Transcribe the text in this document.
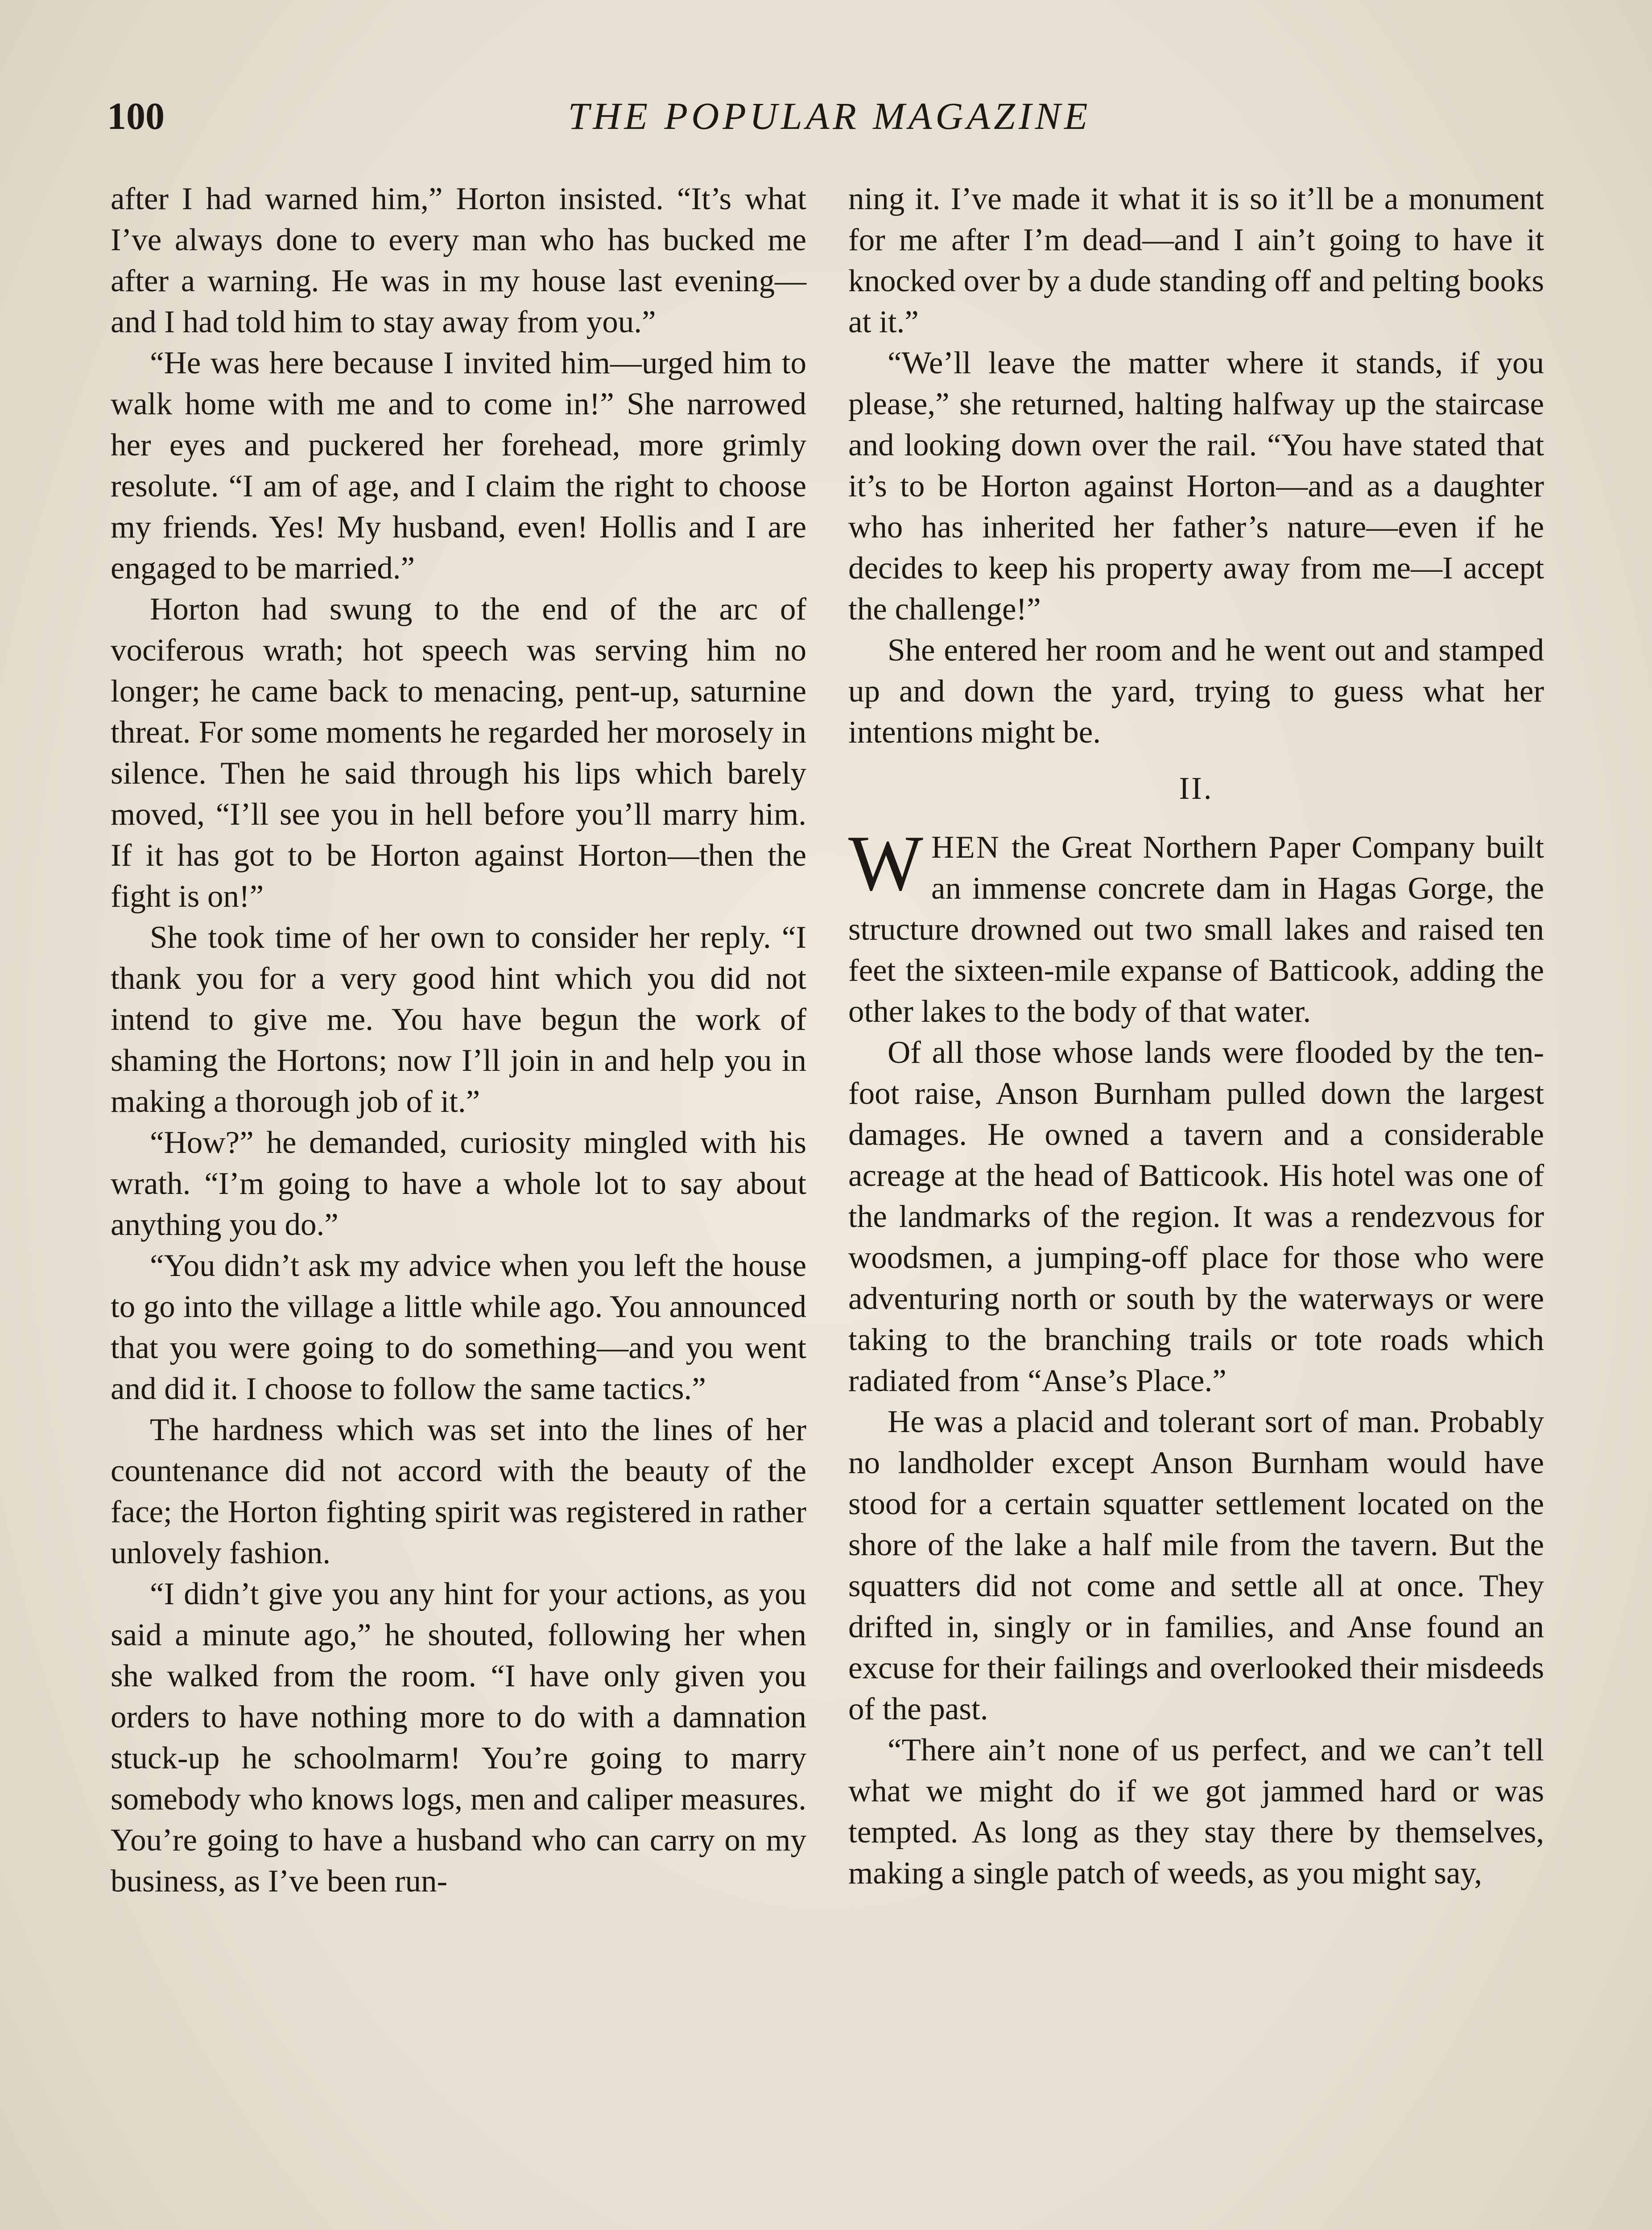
100	THE POPULAR MAGAZINE

after I had warned him,” Horton insisted. “It’s what I’ve always done to every man who has bucked me after a warning. He was in my house last evening—and I had told him to stay away from you.”

“He was here because I invited him—urged him to walk home with me and to come in!” She narrowed her eyes and puckered her forehead, more grimly resolute. “I am of age, and I claim the right to choose my friends. Yes! My husband, even! Hollis and I are engaged to be married.”

Horton had swung to the end of the arc of vociferous wrath; hot speech was serving him no longer; he came back to menacing, pent-up, saturnine threat. For some moments he regarded her morosely in silence. Then he said through his lips which barely moved, “I’ll see you in hell before you’ll marry him. If it has got to be Horton against Horton—then the fight is on!”

She took time of her own to consider her reply. “I thank you for a very good hint which you did not intend to give me. You have begun the work of shaming the Hortons; now I’ll join in and help you in making a thorough job of it.”

“How?” he demanded, curiosity mingled with his wrath. “I’m going to have a whole lot to say about anything you do.”

“You didn’t ask my advice when you left the house to go into the village a little while ago. You announced that you were going to do something—and you went and did it. I choose to follow the same tactics.”

The hardness which was set into the lines of her countenance did not accord with the beauty of the face; the Horton fighting spirit was registered in rather unlovely fashion.

“I didn’t give you any hint for your actions, as you said a minute ago,” he shouted, following her when she walked from the room. “I have only given you orders to have nothing more to do with a damnation stuck-up he schoolmarm! You’re going to marry somebody who knows logs, men and caliper measures. You’re going to have a husband who can carry on my business, as I’ve been run-

ning it. I’ve made it what it is so it’ll be a monument for me after I’m dead—and I ain’t going to have it knocked over by a dude standing off and pelting books at it.”

“We’ll leave the matter where it stands, if you please,” she returned, halting halfway up the staircase and looking down over the rail. “You have stated that it’s to be Horton against Horton—and as a daughter who has inherited her father’s nature—even if he decides to keep his property away from me—I accept the challenge!”

She entered her room and he went out and stamped up and down the yard, trying to guess what her intentions might be.

II.

WHEN the Great Northern Paper Company built an immense concrete dam in Hagas Gorge, the structure drowned out two small lakes and raised ten feet the sixteen-mile expanse of Batticook, adding the other lakes to the body of that water.

Of all those whose lands were flooded by the ten-foot raise, Anson Burnham pulled down the largest damages. He owned a tavern and a considerable acreage at the head of Batticook. His hotel was one of the landmarks of the region. It was a rendezvous for woodsmen, a jumping-off place for those who were adventuring north or south by the waterways or were taking to the branching trails or tote roads which radiated from “Anse’s Place.”

He was a placid and tolerant sort of man. Probably no landholder except Anson Burnham would have stood for a certain squatter settlement located on the shore of the lake a half mile from the tavern. But the squatters did not come and settle all at once. They drifted in, singly or in families, and Anse found an excuse for their failings and overlooked their misdeeds of the past.

“There ain’t none of us perfect, and we can’t tell what we might do if we got jammed hard or was tempted. As long as they stay there by themselves, making a single patch of weeds, as you might say,
